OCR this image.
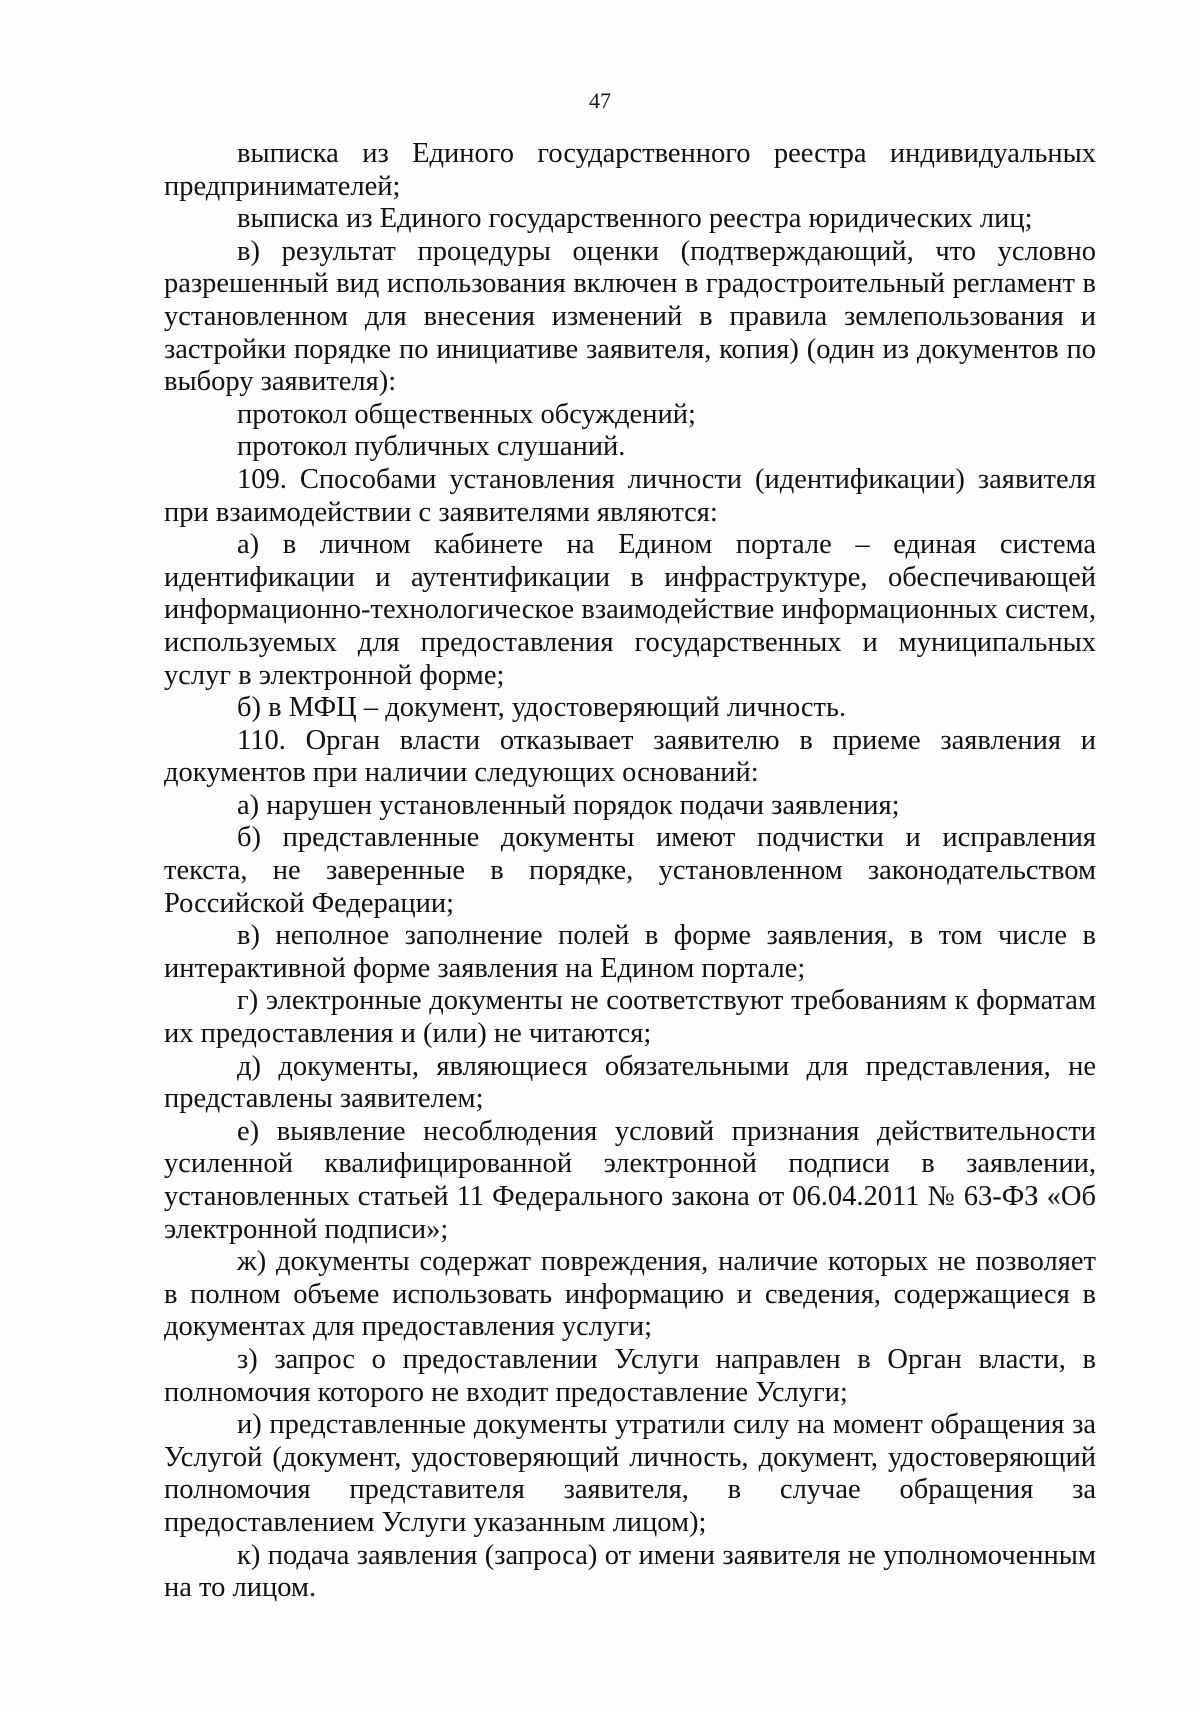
47

выписка из Единого государственного реестра индивидуальных предпринимателей;

выписка из Единого государственного реестра юридических лиц;

в) результат процедуры оценки (подтверждающий, что условно разрешенный вид использования включен в градостроительный регламент в установленном для внесения изменений в правила землепользования и застройки порядке по инициативе заявителя, копия) (один из документов по выбору заявителя):

протокол общественных обсуждений;

протокол публичных слушаний.

109. Способами установления личности (идентификации) заявителя при взаимодействии с заявителями являются:

а) в личном кабинете на Едином портале – единая система идентификации и аутентификации в инфраструктуре, обеспечивающей информационно-технологическое взаимодействие информационных систем, используемых для предоставления государственных и муниципальных услуг в электронной форме;

б) в МФЦ – документ, удостоверяющий личность.

110. Орган власти отказывает заявителю в приеме заявления и документов при наличии следующих оснований:

а) нарушен установленный порядок подачи заявления;

б) представленные документы имеют подчистки и исправления текста, не заверенные в порядке, установленном законодательством Российской Федерации;

в) неполное заполнение полей в форме заявления, в том числе в интерактивной форме заявления на Едином портале;

г) электронные документы не соответствуют требованиям к форматам их предоставления и (или) не читаются;

д) документы, являющиеся обязательными для представления, не представлены заявителем;

е) выявление несоблюдения условий признания действительности усиленной квалифицированной электронной подписи в заявлении, установленных статьей 11 Федерального закона от 06.04.2011 № 63-ФЗ «Об электронной подписи»;

ж) документы содержат повреждения, наличие которых не позволяет в полном объеме использовать информацию и сведения, содержащиеся в документах для предоставления услуги;

з) запрос о предоставлении Услуги направлен в Орган власти, в полномочия которого не входит предоставление Услуги;

и) представленные документы утратили силу на момент обращения за Услугой (документ, удостоверяющий личность, документ, удостоверяющий полномочия представителя заявителя, в случае обращения за предоставлением Услуги указанным лицом);

к) подача заявления (запроса) от имени заявителя не уполномоченным на то лицом.
